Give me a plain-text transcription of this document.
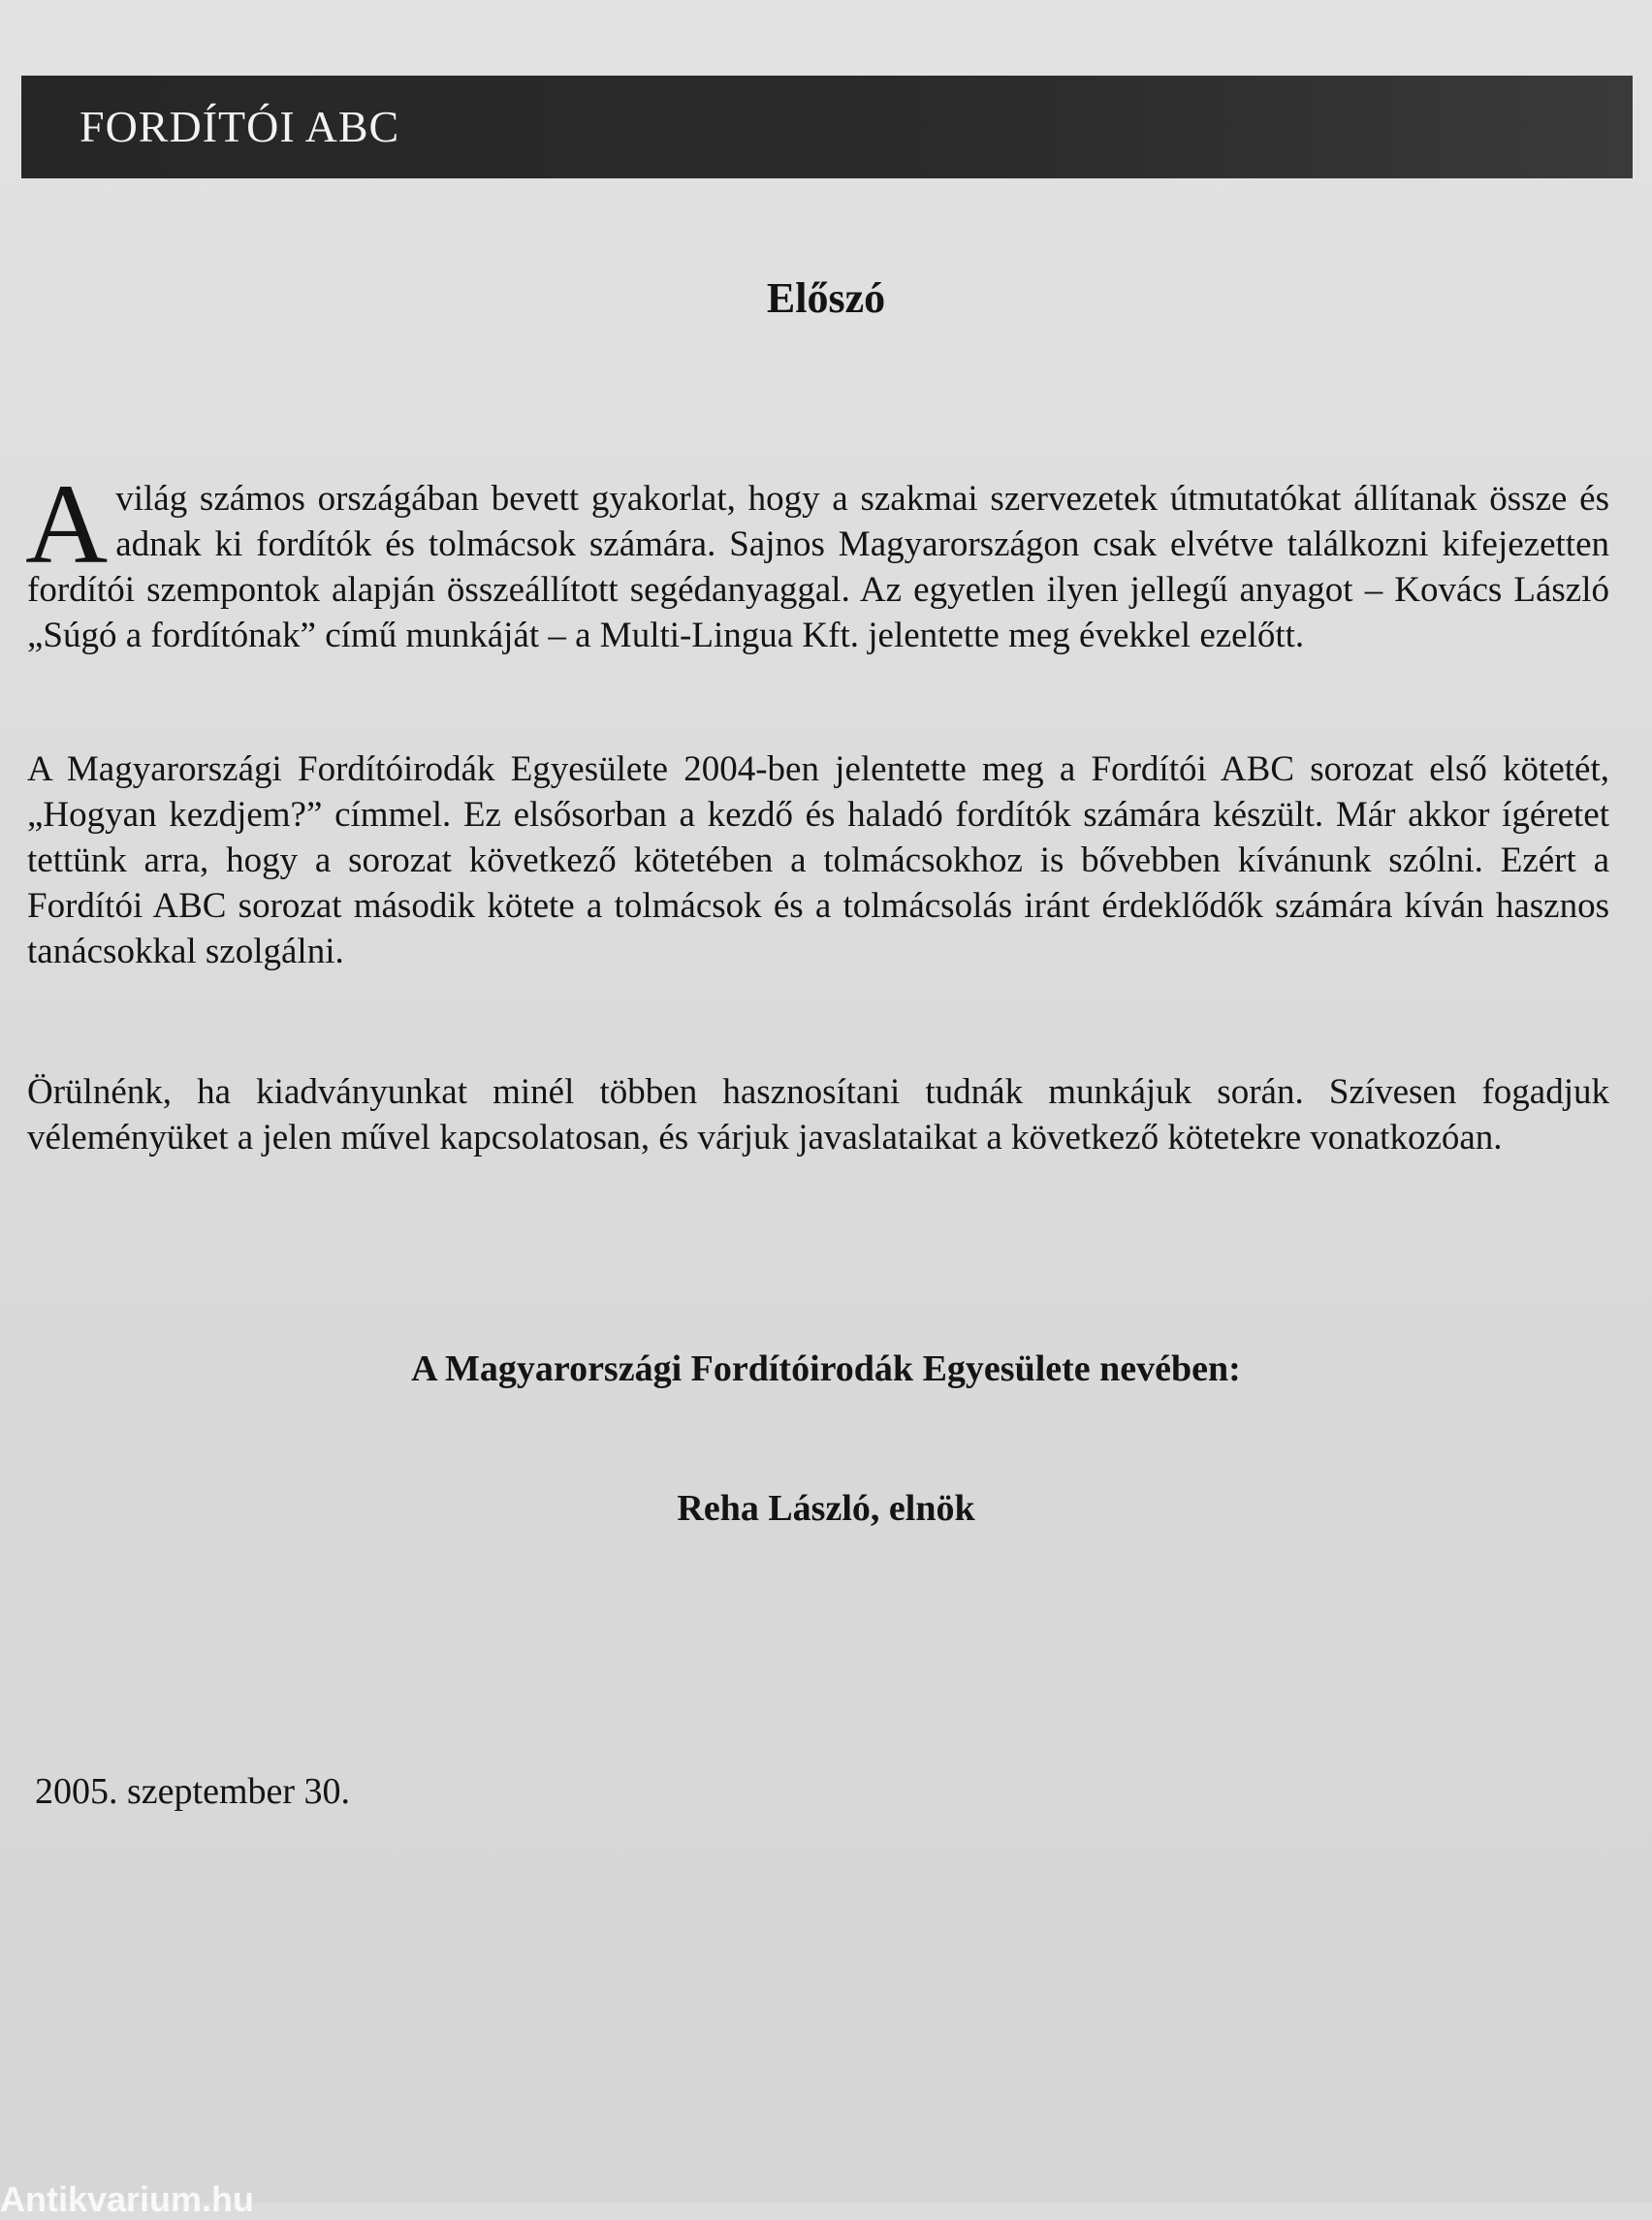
FORDÍTÓI ABC
Előszó
A világ számos országában bevett gyakorlat, hogy a szakmai szervezetek útmutatókat állítanak össze és adnak ki fordítók és tolmácsok számára. Sajnos Magyarországon csak elvétve találkozni kifejezetten fordítói szempontok alapján összeállított segédanyaggal. Az egyetlen ilyen jellegű anyagot – Kovács László „Súgó a fordítónak” című munkáját – a Multi-Lingua Kft. jelentette meg évekkel ezelőtt.
A Magyarországi Fordítóirodák Egyesülete 2004-ben jelentette meg a Fordítói ABC sorozat első kötetét, „Hogyan kezdjem?” címmel. Ez elsősorban a kezdő és haladó fordítók számára készült. Már akkor ígéretet tettünk arra, hogy a sorozat következő kötetében a tolmácsokhoz is bővebben kívánunk szólni. Ezért a Fordítói ABC sorozat második kötete a tolmácsok és a tolmácsolás iránt érdeklődők számára kíván hasznos tanácsokkal szolgálni.
Örülnénk, ha kiadványunkat minél többen hasznosítani tudnák munkájuk során. Szívesen fogadjuk véleményüket a jelen művel kapcsolatosan, és várjuk javaslataikat a következő kötetekre vonatkozóan.
A Magyarországi Fordítóirodák Egyesülete nevében:
Reha László, elnök
2005. szeptember 30.
Antikvarium.hu
